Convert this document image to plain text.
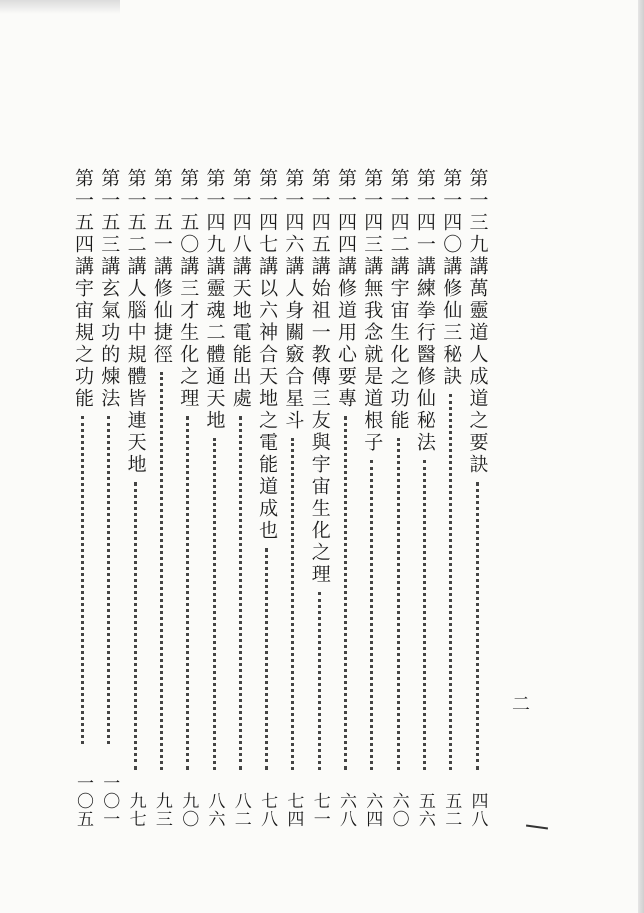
第一三九講
萬靈道人成道之要訣
四八
第一四〇講
修仙三秘訣
五二
第一四一講
練拳行醫修仙秘法
五六
第一四二講
宇宙生化之功能
六〇
第一四三講
無我念就是道根子
六四
第一四四講
修道用心要專
六八
第一四五講
始祖一教傳三友與宇宙生化之理
七一
第一四六講
人身關竅合星斗
七四
第一四七講
以六神合天地之電能道成也
七八
第一四八講
天地電能出處
八二
第一四九講
靈魂二體通天地
八六
第一五〇講
三才生化之理
九〇
第一五一講
修仙捷徑
九三
第一五二講
人腦中規體皆連天地
九七
第一五三講
玄氣功的煉法
一〇一
第一五四講
宇宙規之功能
一〇五
二
